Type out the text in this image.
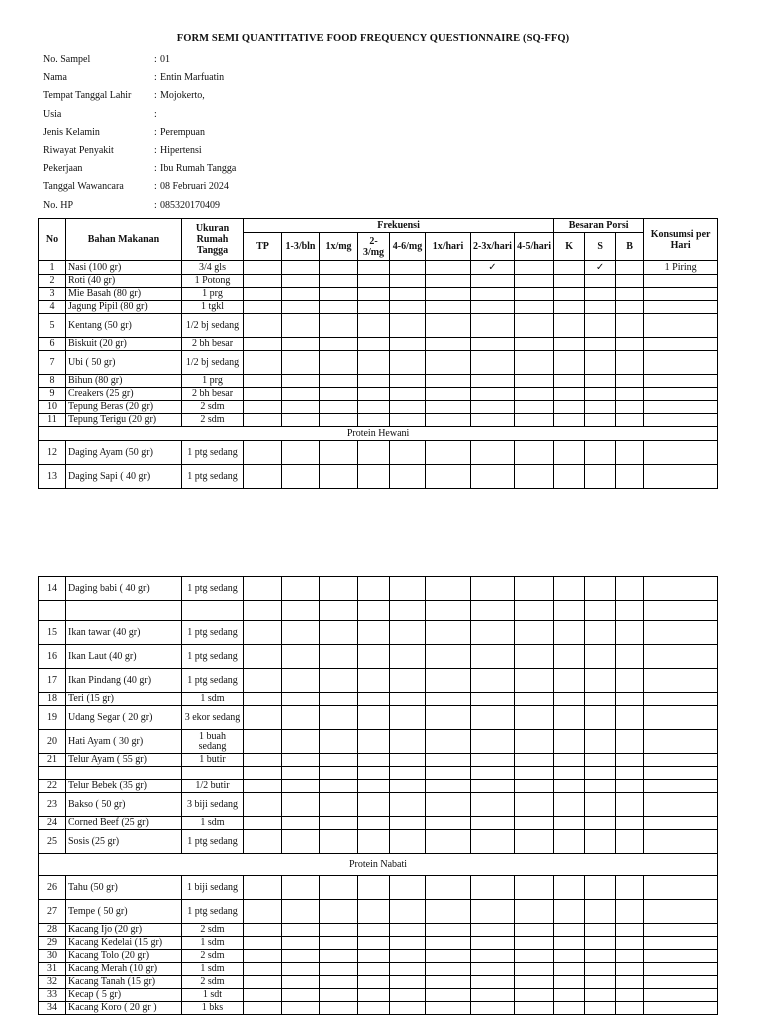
FORM SEMI QUANTITATIVE FOOD FREQUENCY QUESTIONNAIRE (SQ-FFQ)
No. Sampel	: 01
Nama	: Entin Marfuatin
Tempat Tanggal Lahir : Mojokerto,
Usia	:
Jenis Kelamin	: Perempuan
Riwayat Penyakit	: Hipertensi
Pekerjaan	: Ibu Rumah Tangga
Tanggal Wawancara	: 08 Februari 2024
No. HP	: 085320170409
No	Bahan Makanan	Ukuran Rumah Tangga	Frekuensi								Besaran Porsi			Konsumsi per Hari
			TP	1-3/bln	1x/mg	2-3/mg	4-6/mg	1x/hari	2-3x/hari	4-5/hari	K	S	B	
1	Nasi (100 gr)	3/4 gls							✓			✓		1 Piring
2	Roti (40 gr)	1 Potong												
3	Mie Basah (80 gr)	1 prg												
4	Jagung Pipil (80 gr)	1 tgkl												
5	Kentang (50 gr)	1/2 bj sedang												
6	Biskuit (20 gr)	2 bh besar												
7	Ubi ( 50 gr)	1/2 bj sedang												
8	Bihun (80 gr)	1 prg												
9	Creakers (25 gr)	2 bh besar												
10	Tepung Beras (20 gr)	2 sdm												
11	Tepung Terigu (20 gr)	2 sdm												
Protein Hewani														
12	Daging Ayam (50 gr)	1 ptg sedang												
13	Daging Sapi ( 40 gr)	1 ptg sedang												
14	Daging babi ( 40 gr)	1 ptg sedang												

15	Ikan tawar (40 gr)	1 ptg sedang												
16	Ikan Laut (40 gr)	1 ptg sedang												
17	Ikan Pindang (40 gr)	1 ptg sedang												
18	Teri (15 gr)	1 sdm												
19	Udang Segar ( 20 gr)	3 ekor sedang												
20	Hati Ayam ( 30 gr)	1 buah sedang												
21	Telur Ayam ( 55 gr)	1 butir												

22	Telur Bebek (35 gr)	1/2 butir												
23	Bakso ( 50 gr)	3 biji sedang												
24	Corned Beef (25 gr)	1 sdm												
25	Sosis (25 gr)	1 ptg sedang												
Protein Nabati														
26	Tahu (50 gr)	1 biji sedang												
27	Tempe ( 50 gr)	1 ptg sedang												
28	Kacang Ijo (20 gr)	2 sdm												
29	Kacang Kedelai (15 gr)	1 sdm												
30	Kacang Tolo (20 gr)	2 sdm												
31	Kacang Merah (10 gr)	1 sdm												
32	Kacang Tanah (15 gr)	2 sdm												
33	Kecap ( 5 gr)	1 sdt												
34	Kacang Koro ( 20 gr )	1 bks												
